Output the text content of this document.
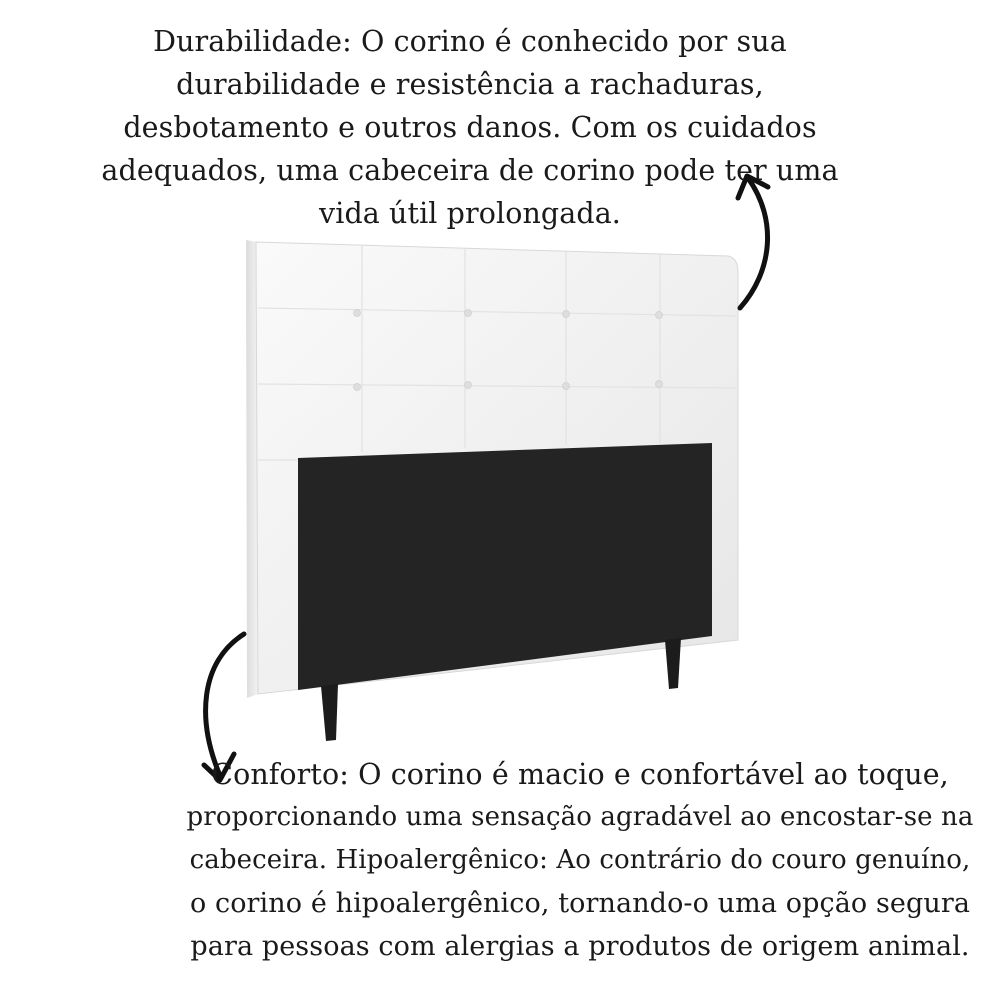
Durabilidade: O corino é conhecido por sua
durabilidade e resistência a rachaduras,
desbotamento e outros danos. Com os cuidados
adequados, uma cabeceira de corino pode ter uma
vida útil prolongada.
Conforto: O corino é macio e confortável ao toque,
proporcionando uma sensação agradável ao encostar-se na
cabeceira. Hipoalergênico: Ao contrário do couro genuíno,
o corino é hipoalergênico, tornando-o uma opção segura
para pessoas com alergias a produtos de origem animal.
